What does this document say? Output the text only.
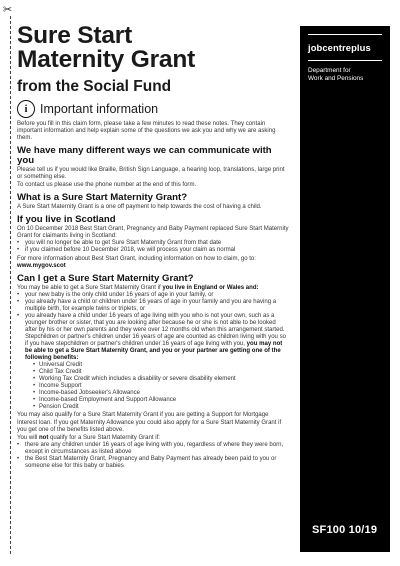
✂
jobcentreplus
Department for
Work and Pensions
SF100 10/19
Sure Start
Maternity Grant
from the Social Fund
i Important information

Before you fill in this claim form, please take a few minutes to read these notes. They contain important information and help explain some of the questions we ask you and why we are asking them.

We have many different ways we can communicate with you

Please tell us if you would like Braille, British Sign Language, a hearing loop, translations, large print or something else.

To contact us please use the phone number at the end of this form.

What is a Sure Start Maternity Grant?

A Sure Start Maternity Grant is a one off payment to help towards the cost of having a child.

If you live in Scotland

On 10 December 2018 Best Start Grant, Pregnancy and Baby Payment replaced Sure Start Maternity Grant for claimants living in Scotland:

• you will no longer be able to get Sure Start Maternity Grant from that date
• if you claimed before 10 December 2018, we will process your claim as normal

For more information about Best Start Grant, including information on how to claim, go to: www.mygov.scot

Can I get a Sure Start Maternity Grant?

You may be able to get a Sure Start Maternity Grant if you live in England or Wales and:

• your new baby is the only child under 16 years of age in your family, or
• you already have a child or children under 16 years of age in your family and you are having a multiple birth, for example twins or triplets, or
• you already have a child under 16 years of age living with you who is not your own, such as a younger brother or sister, that you are looking after because he or she is not able to be looked after by his or her own parents and they were over 12 months old when this arrangement started. Stepchildren or partner's children under 16 years of age are counted as children living with you so if you have stepchildren or partner's children under 16 years of age living with you, you may not be able to get a Sure Start Maternity Grant, and you or your partner are getting one of the following benefits:
• Universal Credit
• Child Tax Credit
• Working Tax Credit which includes a disability or severe disability element
• Income Support
• Income-based Jobseeker's Allowance
• Income-based Employment and Support Allowance
• Pension Credit

You may also qualify for a Sure Start Maternity Grant if you are getting a Support for Mortgage Interest loan. If you get Maternity Allowance you could also apply for a Sure Start Maternity Grant if you get one of the benefits listed above.

You will not qualify for a Sure Start Maternity Grant if:

• there are any children under 16 years of age living with you, regardless of where they were born, except in circumstances as listed above
• the Best Start Maternity Grant, Pregnancy and Baby Payment has already been paid to you or someone else for this baby or babies
